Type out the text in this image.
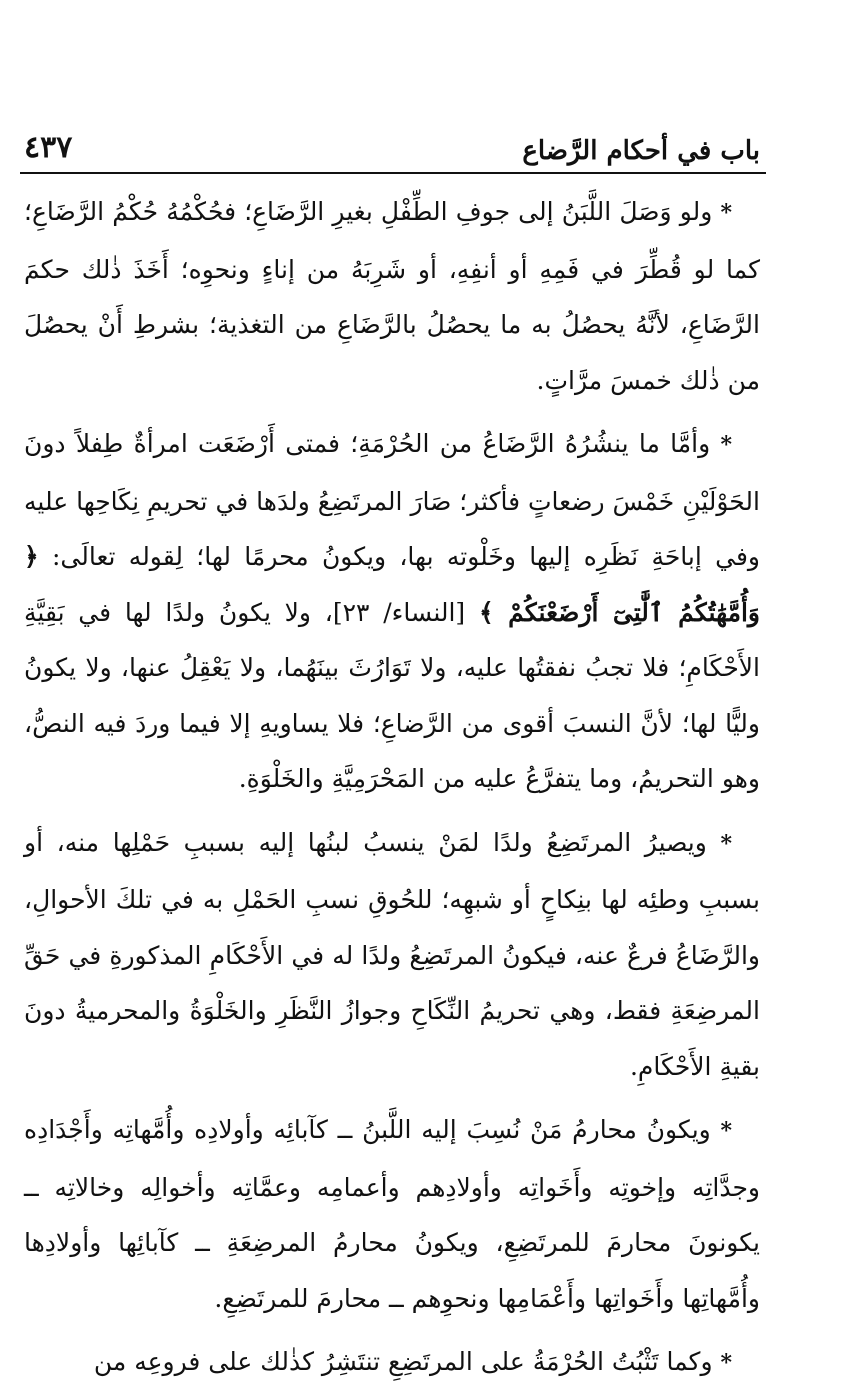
باب في أحكام الرَّضاع
٤٣٧

* ولو وَصَلَ اللَّبَنُ إلى جوفِ الطِّفْلِ بغيرِ الرَّضَاعِ؛ فحُكْمُهُ حُكْمُ الرَّضَاعِ؛ كما لو قُطِّرَ في فَمِهِ أو أنفِهِ، أو شَرِبَهُ من إناءٍ ونحوِه؛ أَخَذَ ذٰلك حكمَ الرَّضَاعِ، لأنَّهُ يحصُلُ به ما يحصُلُ بالرَّضَاعِ من التغذية؛ بشرطِ أَنْ يحصُلَ من ذٰلك خمسَ مرَّاتٍ.

* وأمَّا ما ينشُرُهُ الرَّضَاعُ من الحُرْمَةِ؛ فمتى أَرْضَعَت امرأةٌ طِفلاً دونَ الحَوْلَيْنِ خَمْسَ رضعاتٍ فأكثر؛ صَارَ المرتَضِعُ ولدَها في تحريمِ نِكَاحِها عليه وفي إباحَةِ نَظَرِه إليها وخَلْوته بها، ويكونُ محرمًا لها؛ لِقوله تعالَى: ﴿ وَأُمَّهَٰتُكُمُ ٱلَّٰتِىٓ أَرْضَعْنَكُمْ ﴾ [النساء/ ٢٣]، ولا يكونُ ولدًا لها في بَقِيَّةِ الأَحْكَامِ؛ فلا تجبُ نفقتُها عليه، ولا تَوَارُثَ بينَهُما، ولا يَعْقِلُ عنها، ولا يكونُ وليًّا لها؛ لأنَّ النسبَ أقوى من الرَّضاعِ؛ فلا يساويهِ إلا فيما وردَ فيه النصُّ، وهو التحريمُ، وما يتفرَّعُ عليه من المَحْرَمِيَّةِ والخَلْوَةِ.

* ويصيرُ المرتَضِعُ ولدًا لمَنْ ينسبُ لبنُها إليه بسببِ حَمْلِها منه، أو بسببِ وطئِه لها بنِكاحٍ أو شبهِه؛ للحُوقِ نسبِ الحَمْلِ به في تلكَ الأحوالِ، والرَّضَاعُ فرعٌ عنه، فيكونُ المرتَضِعُ ولدًا له في الأَحْكَامِ المذكورةِ في حَقِّ المرضِعَةِ فقط، وهي تحريمُ النِّكَاحِ وجوازُ النَّظَرِ والخَلْوَةُ والمحرميةُ دونَ بقيةِ الأَحْكَامِ.

* ويكونُ محارمُ مَنْ نُسِبَ إليه اللَّبنُ ــ كآبائِه وأولادِه وأُمَّهاتِه وأَجْدَادِه وجدَّاتِه وإخوتِه وأَخَواتِه وأولادِهم وأعمامِه وعمَّاتِه وأخوالِه وخالاتِه ــ يكونونَ محارمَ للمرتَضِعِ، ويكونُ محارمُ المرضِعَةِ ــ كآبائِها وأولادِها وأُمَّهاتِها وأَخَواتِها وأَعْمَامِها ونحوِهم ــ محارمَ للمرتَضِعِ.

* وكما تَثْبُتُ الحُرْمَةُ على المرتَضِعِ تنتَشِرُ كذٰلك على فروعِه من
